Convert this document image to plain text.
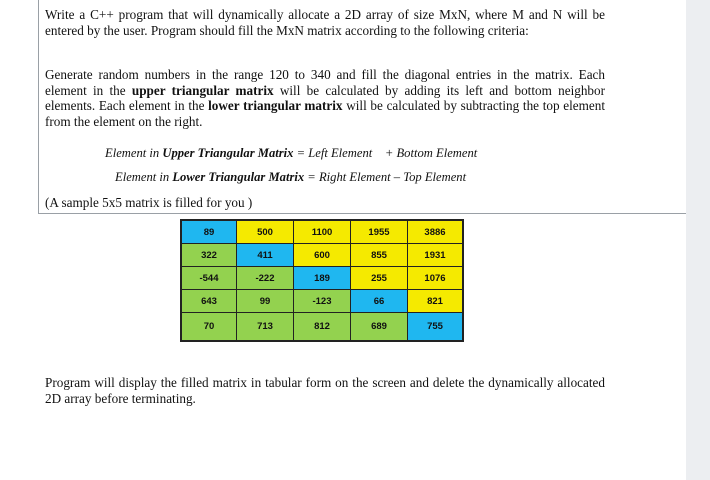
Write a C++ program that will dynamically allocate a 2D array of size MxN, where M and N will be entered by the user. Program should fill the MxN matrix according to the following criteria:
Generate random numbers in the range 120 to 340 and fill the diagonal entries in the matrix. Each element in the upper triangular matrix will be calculated by adding its left and bottom neighbor elements. Each element in the lower triangular matrix will be calculated by subtracting the top element from the element on the right.
Element in Upper Triangular Matrix = Left Element    + Bottom Element
Element in Lower Triangular Matrix = Right Element – Top Element
(A sample 5x5 matrix is filled for you )
89	500	1100	1955	3886
322	411	600	855	1931
-544	-222	189	255	1076
643	99	-123	66	821
70	713	812	689	755
Program will display the filled matrix in tabular form on the screen and delete the dynamically allocated 2D array before terminating.
